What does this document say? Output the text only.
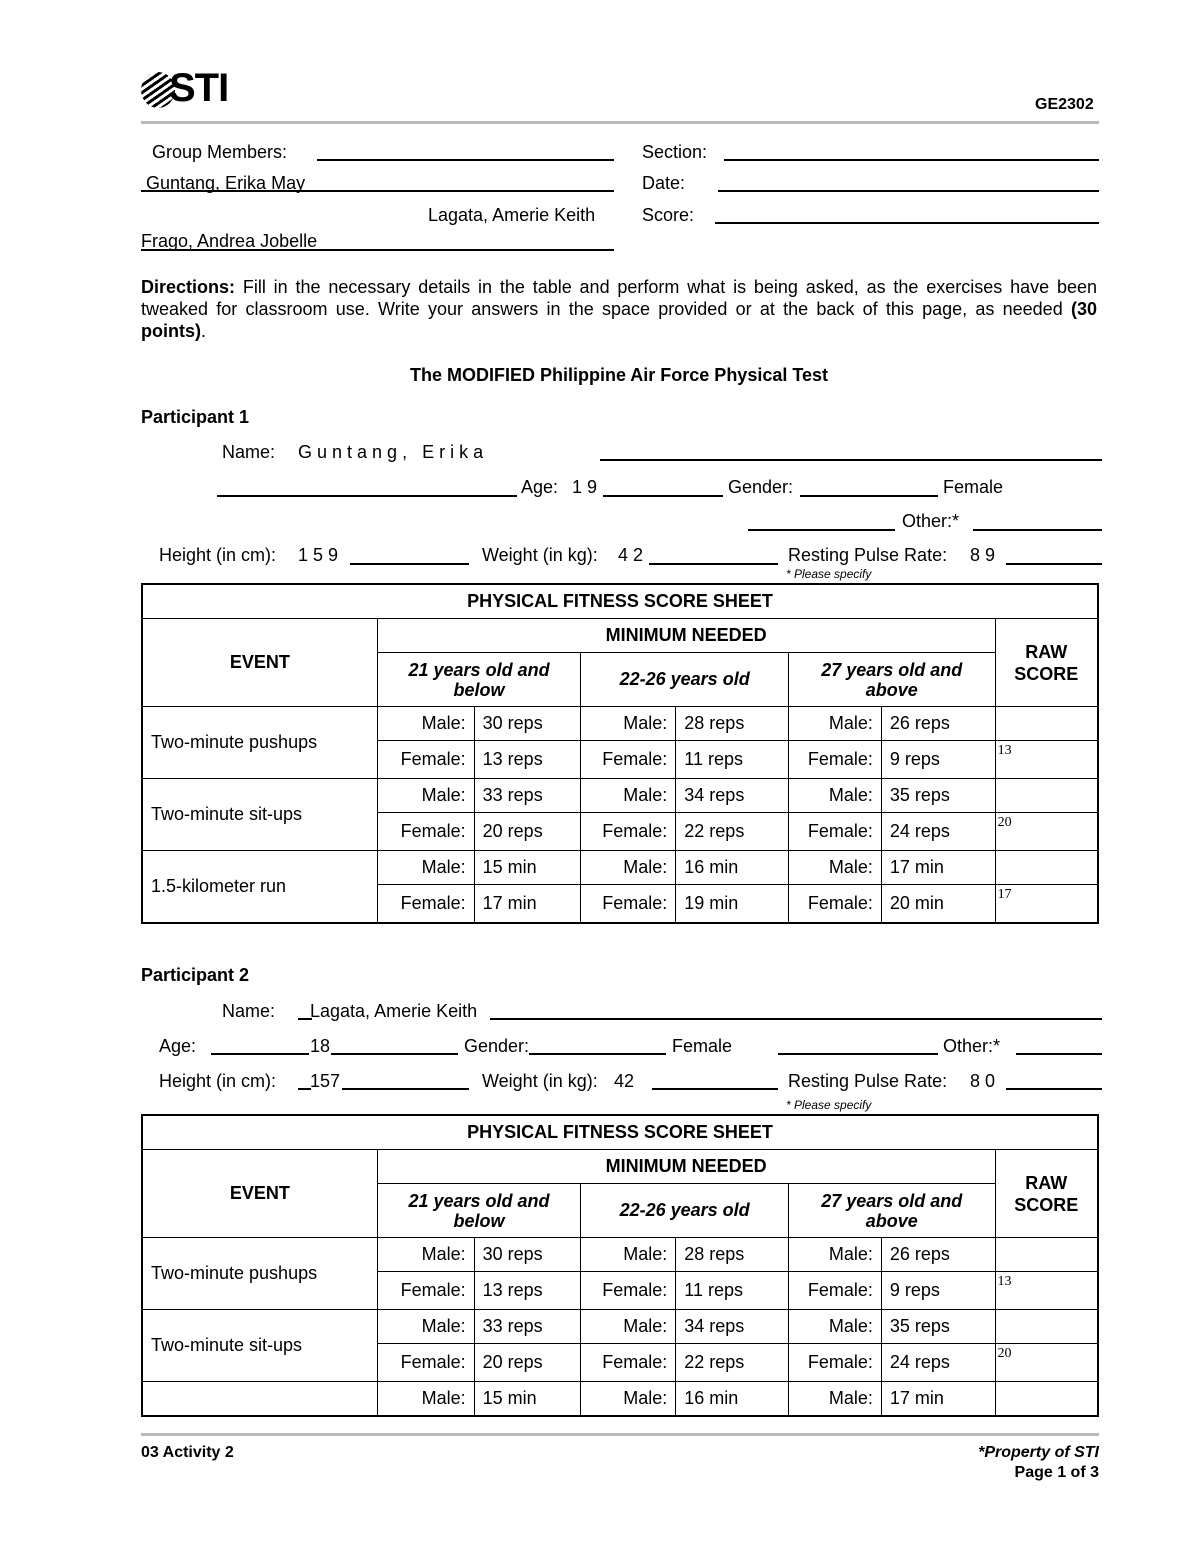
STI	GE2302
Group Members:	Section:
Guntang, Erika May	Date:
Lagata, Amerie Keith	Score:
Frago, Andrea Jobelle
Directions: Fill in the necessary details in the table and perform what is being asked, as the exercises have been tweaked for classroom use. Write your answers in the space provided or at the back of this page, as needed (30 points).
The MODIFIED Philippine Air Force Physical Test
Participant 1
Name: G u n t a n g ,   E r i k a
Age: 1 9	Gender:	Female
Other:*
Height (in cm): 1 5 9	Weight (in kg): 4 2	Resting Pulse Rate: 8 9
* Please specify
PHYSICAL FITNESS SCORE SHEET							
EVENT	MINIMUM NEEDED						RAW
SCORE
	21 years old and below		22-26 years old		27 years old and above		
Two-minute pushups	Male:	30 reps	Male:	28 reps	Male:	26 reps	
	Female:	13 reps	Female:	11 reps	Female:	9 reps	13
Two-minute sit-ups	Male:	33 reps	Male:	34 reps	Male:	35 reps	
	Female:	20 reps	Female:	22 reps	Female:	24 reps	20
1.5-kilometer run	Male:	15 min	Male:	16 min	Male:	17 min	
	Female:	17 min	Female:	19 min	Female:	20 min	17
Participant 2
Name: Lagata, Amerie Keith
Age:	18	Gender:	Female	Other:*
Height (in cm): 157	Weight (in kg): 42	Resting Pulse Rate: 8 0
* Please specify
PHYSICAL FITNESS SCORE SHEET							
EVENT	MINIMUM NEEDED						RAW
SCORE
	21 years old and below		22-26 years old		27 years old and above		
Two-minute pushups	Male:	30 reps	Male:	28 reps	Male:	26 reps	
	Female:	13 reps	Female:	11 reps	Female:	9 reps	13
Two-minute sit-ups	Male:	33 reps	Male:	34 reps	Male:	35 reps	
	Female:	20 reps	Female:	22 reps	Female:	24 reps	20
	Male:	15 min	Male:	16 min	Male:	17 min	
03 Activity 2	*Property of STI
Page 1 of 3
